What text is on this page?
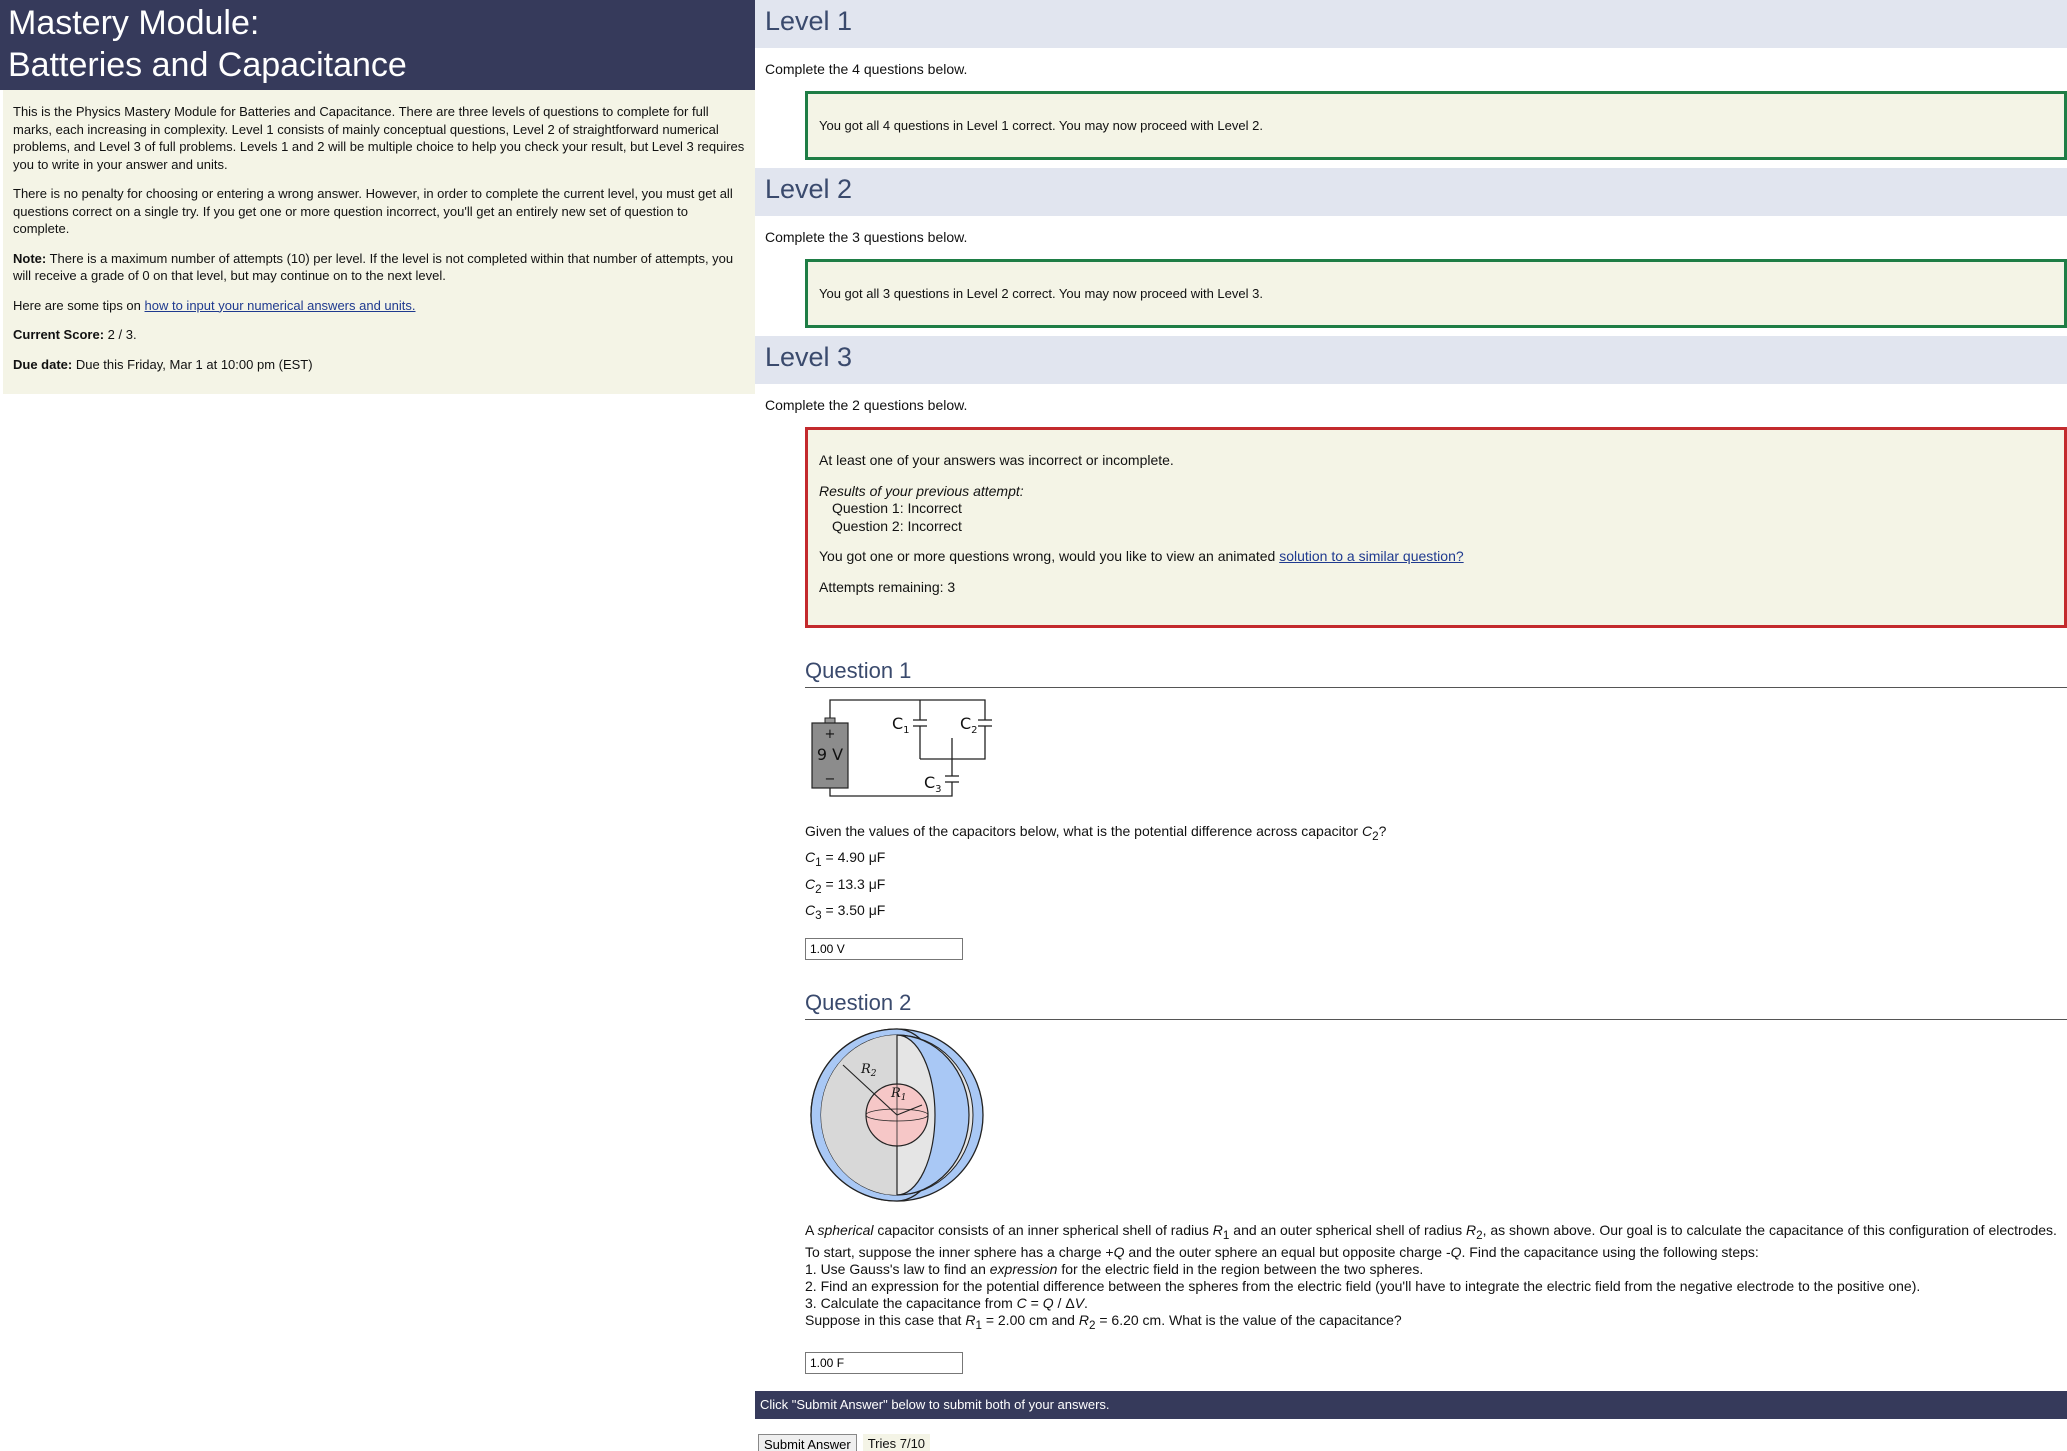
Mastery Module:
Batteries and Capacitance

This is the Physics Mastery Module for Batteries and Capacitance. There are three levels of questions to complete for full marks, each increasing in complexity. Level 1 consists of mainly conceptual questions, Level 2 of straightforward numerical problems, and Level 3 of full problems. Levels 1 and 2 will be multiple choice to help you check your result, but Level 3 requires you to write in your answer and units.

There is no penalty for choosing or entering a wrong answer. However, in order to complete the current level, you must get all questions correct on a single try. If you get one or more question incorrect, you'll get an entirely new set of question to complete.

Note: There is a maximum number of attempts (10) per level. If the level is not completed within that number of attempts, you will receive a grade of 0 on that level, but may continue on to the next level.

Here are some tips on how to input your numerical answers and units.

Current Score: 2 / 3.

Due date: Due this Friday, Mar 1 at 10:00 pm (EST)

Level 1
Complete the 4 questions below.
You got all 4 questions in Level 1 correct. You may now proceed with Level 2.
Level 2
Complete the 3 questions below.
You got all 3 questions in Level 2 correct. You may now proceed with Level 3.
Level 3
Complete the 2 questions below.

At least one of your answers was incorrect or incomplete.

Results of your previous attempt:
Question 1: Incorrect
Question 2: Incorrect

You got one or more questions wrong, would you like to view an animated solution to a similar question?

Attempts remaining: 3

Question 1
+
9 V
−
$C_1$	$C_2$
$C_3$
Given the values of the capacitors below, what is the potential difference across capacitor $C_2$?
$C_1 = 4.90$ μF
$C_2 = 13.3$ μF
$C_3 = 3.50$ μF
1.00 V
Question 2
$R_2$
$R_1$
A spherical capacitor consists of an inner spherical shell of radius $R_1$ and an outer spherical shell of radius $R_2$, as shown above. Our goal is to calculate the capacitance of this configuration of electrodes.
To start, suppose the inner sphere has a charge +Q and the outer sphere an equal but opposite charge -Q. Find the capacitance using the following steps:
1. Use Gauss's law to find an expression for the electric field in the region between the two spheres.
2. Find an expression for the potential difference between the spheres from the electric field (you'll have to integrate the electric field from the negative electrode to the positive one).
3. Calculate the capacitance from C = Q / ΔV.
Suppose in this case that $R_1 = 2.00$ cm and $R_2 = 6.20$ cm. What is the value of the capacitance?
1.00 F
Click "Submit Answer" below to submit both of your answers.
Submit Answer	Tries 7/10
